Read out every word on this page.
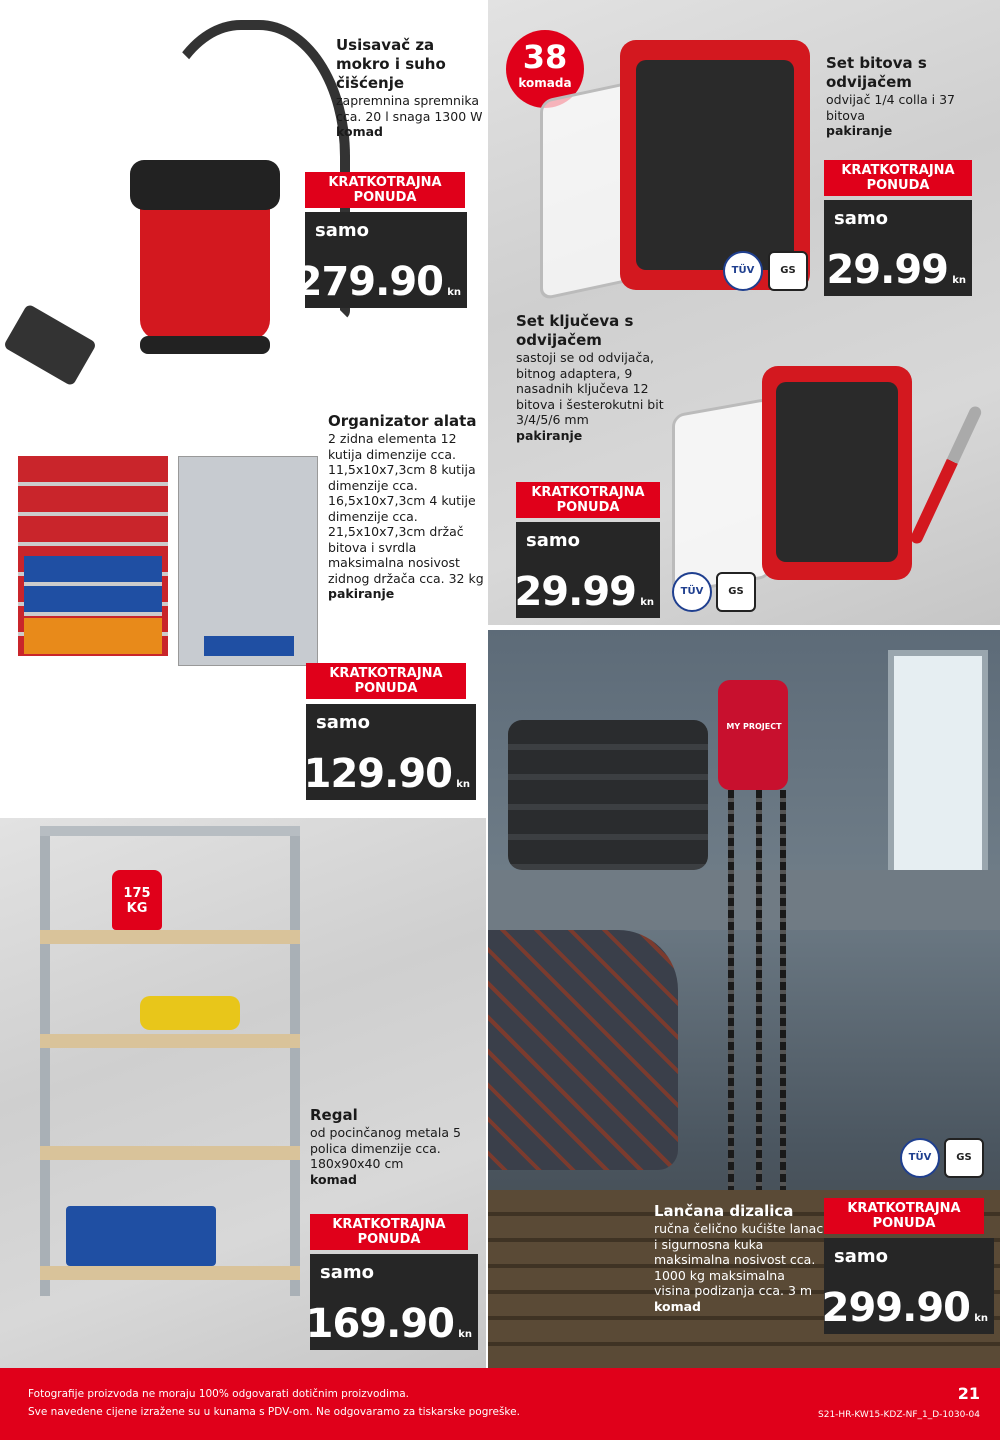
MY PROJECT
Usisavač za mokro i suho čišćenje
zapremnina spremnika cca. 20 l snaga 1300 W
komad
KRATKOTRAJNA PONUDA
samo
279.90 kn
38
komada
TÜV	GS
Set bitova s odvijačem
odvijač 1/4 colla i 37 bitova
pakiranje
KRATKOTRAJNA PONUDA
samo
29.99 kn
Set ključeva s odvijačem
sastoji se od odvijača, bitnog adaptera, 9 nasadnih ključeva 12 bitova i šesterokutni bit 3/4/5/6 mm
pakiranje
TÜV	GS
KRATKOTRAJNA PONUDA
samo
29.99 kn
Organizator alata
2 zidna elementa 12 kutija dimenzije cca. 11,5x10x7,3cm 8 kutija dimenzije cca. 16,5x10x7,3cm 4 kutije dimenzije cca. 21,5x10x7,3cm držač bitova i svrdla maksimalna nosivost zidnog držača cca. 32 kg
pakiranje
KRATKOTRAJNA PONUDA
samo
129.90 kn
175
KG
Regal
od pocinčanog metala 5 polica dimenzije cca. 180x90x40 cm
komad
KRATKOTRAJNA PONUDA
samo
169.90 kn
Lančana dizalica
ručna čelično kućište lanac i sigurnosna kuka maksimalna nosivost cca. 1000 kg maksimalna visina podizanja cca. 3 m
komad
TÜV	GS
KRATKOTRAJNA PONUDA
samo
299.90 kn
Fotografije proizvoda ne moraju 100% odgovarati dotičnim proizvodima.
Sve navedene cijene izražene su u kunama s PDV-om. Ne odgovaramo za tiskarske pogreške.
21
S21-HR-KW15-KDZ-NF_1_D-1030-04
